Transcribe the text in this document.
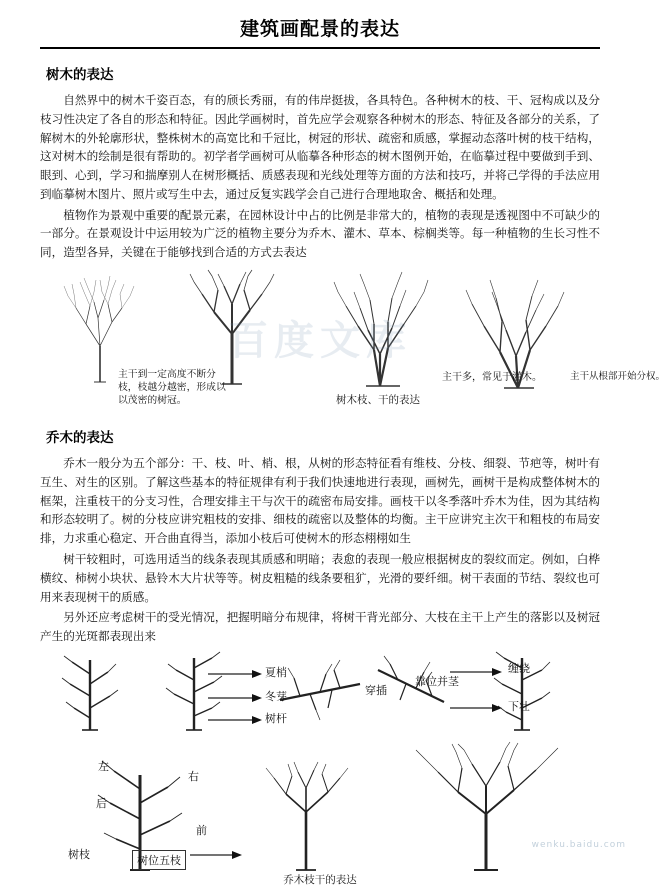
建筑画配景的表达
树木的表达

自然界中的树木千姿百态，有的颀长秀丽，有的伟岸挺拔，各具特色。各种树木的枝、干、冠构成以及分枝习性决定了各自的形态和特征。因此学画树时，首先应学会观察各种树木的形态、特征及各部分的关系，了解树木的外轮廓形状，整株树木的高宽比和千冠比，树冠的形状、疏密和质感，掌握动态落叶树的枝干结构，这对树木的绘制是很有帮助的。初学者学画树可从临摹各种形态的树木图例开始，在临摹过程中要做到手到、眼到、心到，学习和揣摩别人在树形概括、质感表现和光线处理等方面的方法和技巧，并将己学得的手法应用到临摹树木图片、照片或写生中去，通过反复实践学会自己进行合理地取舍、概括和处理。

植物作为景观中重要的配景元素，在园林设计中占的比例是非常大的，植物的表现是透视图中不可缺少的一部分。在景观设计中运用较为广泛的植物主要分为乔木、灌木、草本、棕榈类等。每一种植物的生长习性不同，造型各异，关键在于能够找到合适的方式去表达

主干到一定高度不断分枝，枝越分越密，形成以以茂密的树冠。	树木枝、干的表达
主干多，常见于灌木。	主干从根部开始分权。
乔木的表达

乔木一般分为五个部分：干、枝、叶、梢、根，从树的形态特征看有维枝、分枝、细裂、节疤等，树叶有互生、对生的区别。了解这些基本的特征规律有利于我们快速地进行表现，画树先，画树干是构成整体树木的框架，注重枝干的分支习性，合理安排主干与次干的疏密布局安排。画枝干以冬季落叶乔木为佳，因为其结构和形态较明了。树的分枝应讲究粗枝的安排、细枝的疏密以及整体的均衡。主干应讲究主次干和粗枝的布局安排，力求重心稳定、开合曲直得当，添加小枝后可使树木的形态栩栩如生

树干较粗时，可选用适当的线条表现其质感和明暗；表愈的表现一般应根据树皮的裂纹而定。例如，白桦横纹、柿树小块状、悬铃木大片状等等。树皮粗糙的线条要租犷，光滑的要纤细。树干表面的节结、裂纹也可用来表现树干的质感。

另外还应考虑树干的受光情况，把握明暗分布规律，将树干背光部分、大枝在主干上产生的落影以及树冠产生的光斑都表现出来

夏梢
冬芽
树杆
穿插
靠位并茎
缠绕
下壮
左
右
后
前
树枝	树位五枝
乔木枝干的表达
百度文库
wenku.baidu.com
